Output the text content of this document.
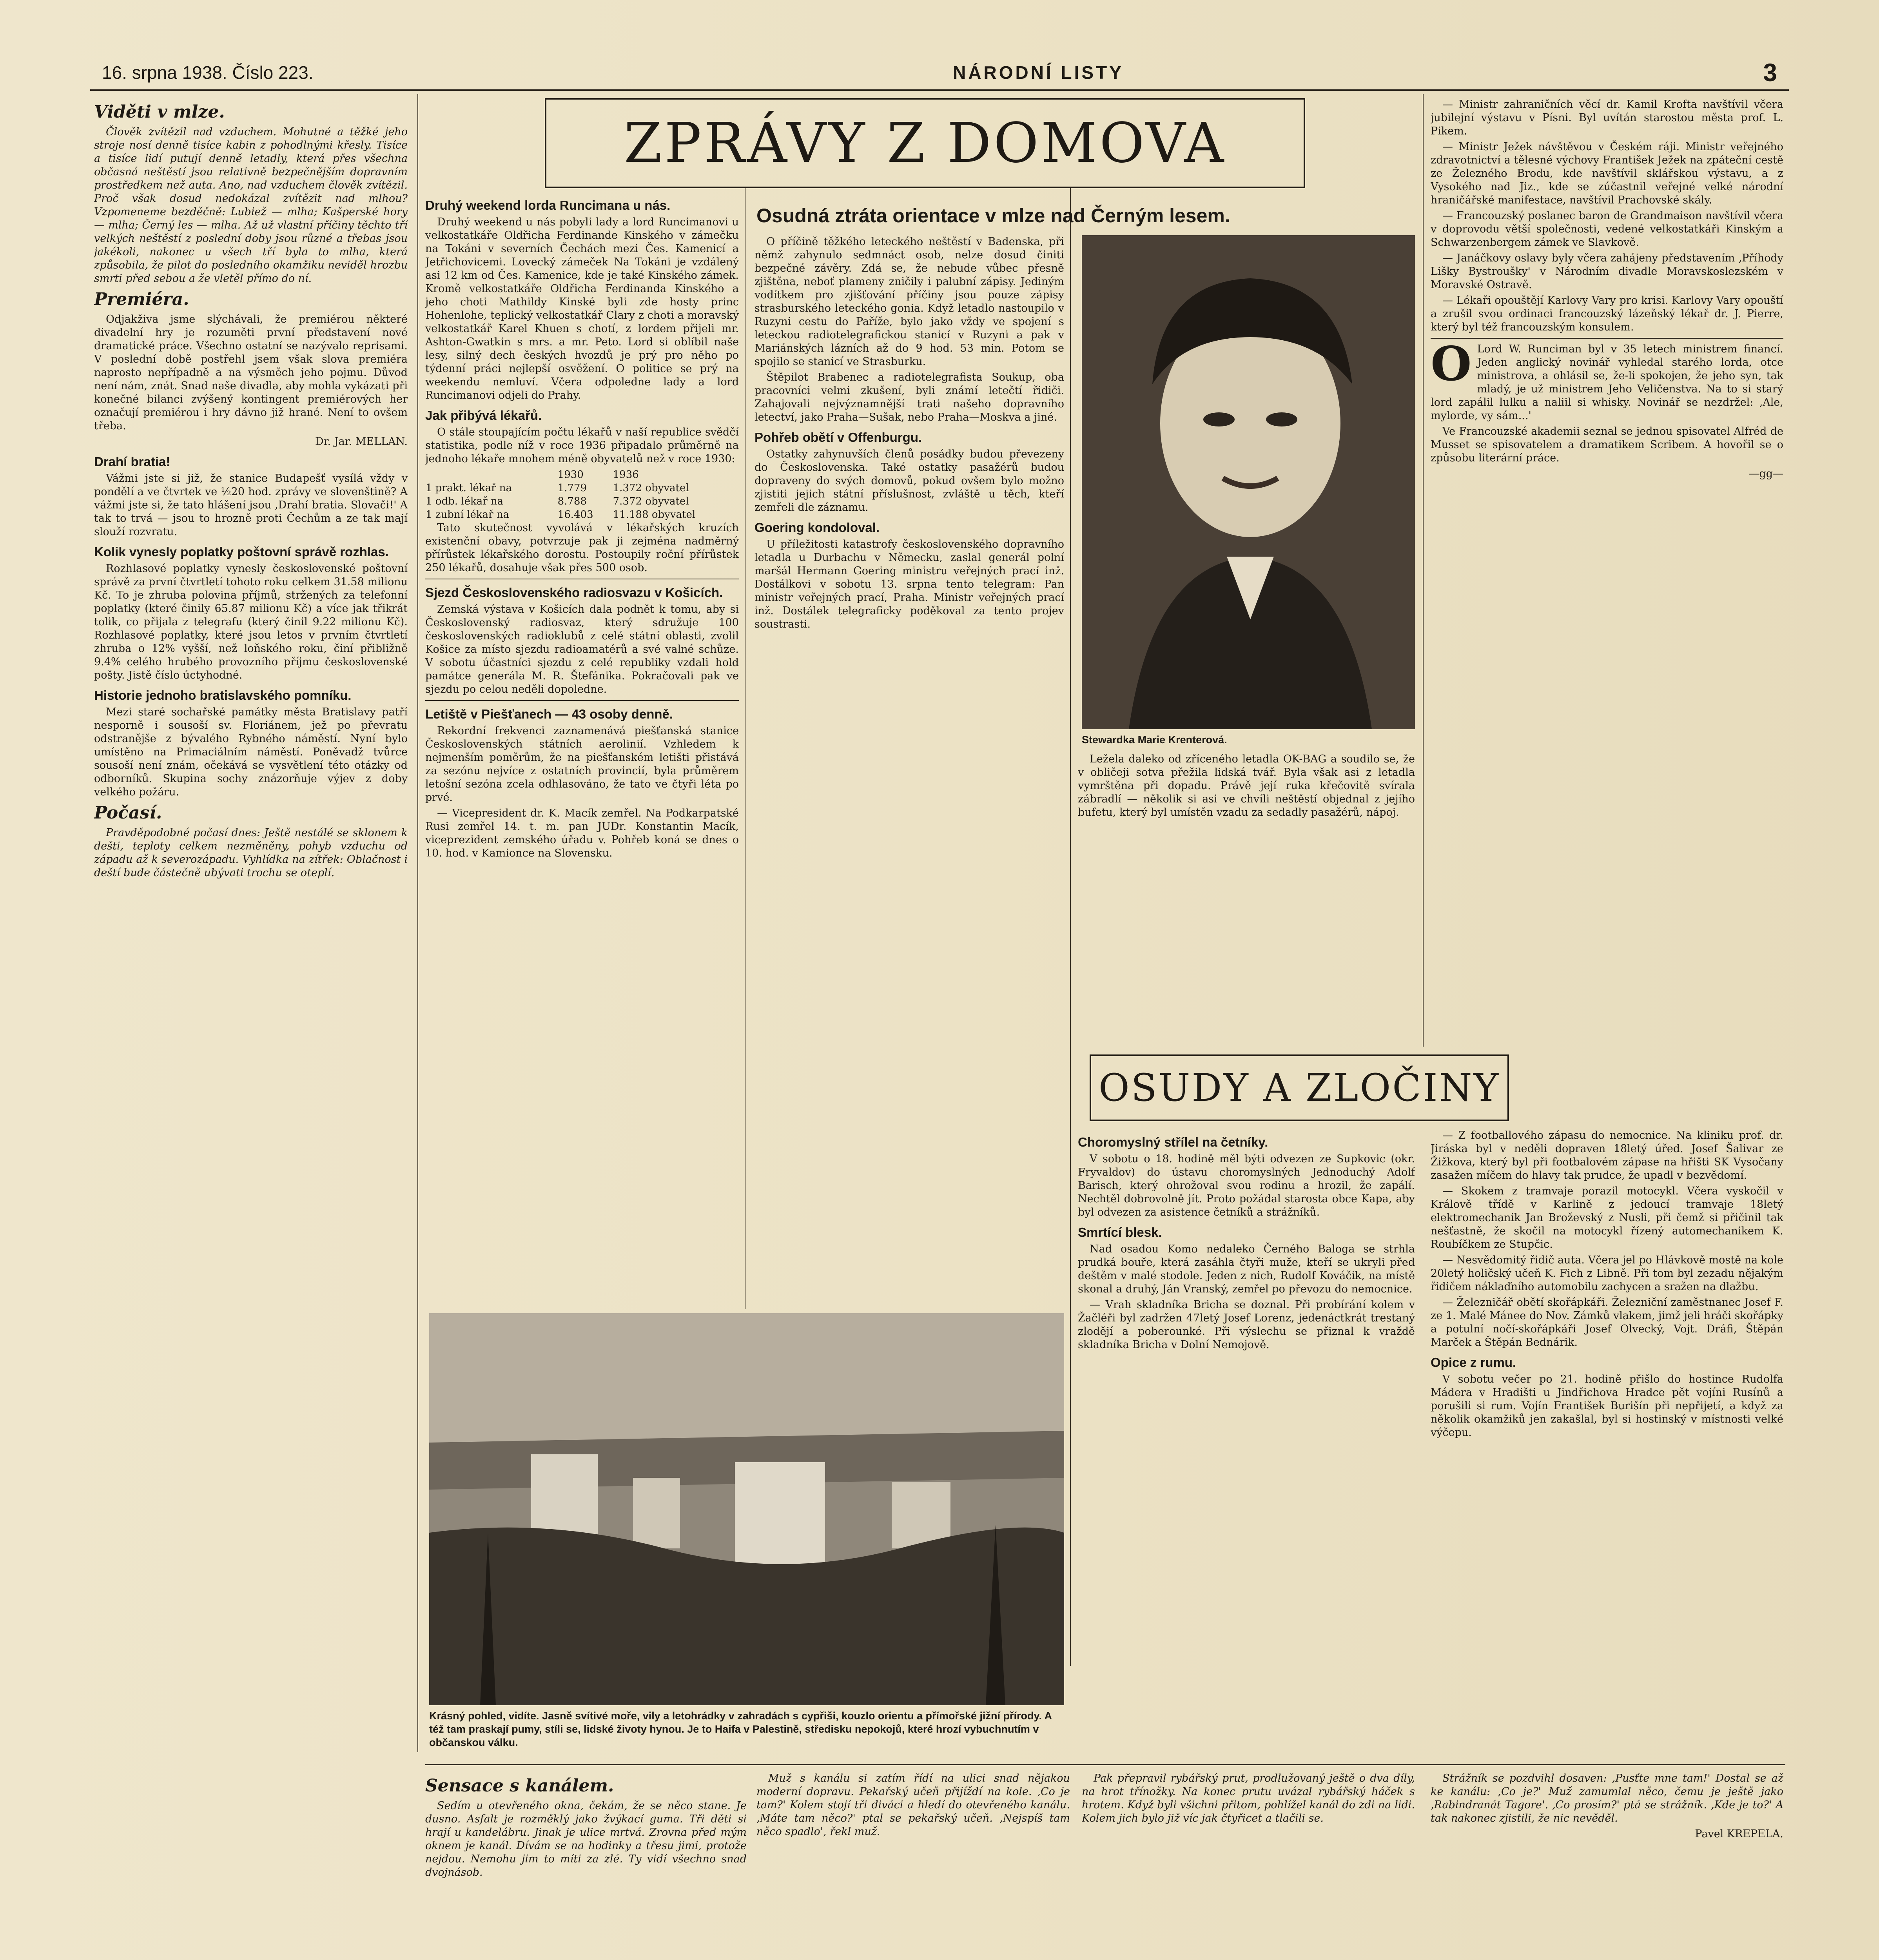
16. srpna 1938. Číslo 223.	NÁRODNÍ LISTY	3
ZPRÁVY Z DOMOVA
Viděti v mlze.

Člověk zvítězil nad vzduchem. Mohutné a těžké jeho stroje nosí denně tisíce kabin z pohodlnými křesly. Tisíce a tisíce lidí putují denně letadly, která přes všechna občasná neštěstí jsou relativně bezpečnějším dopravním prostředkem než auta. Ano, nad vzduchem člověk zvítězil. Proč však dosud nedokázal zvítězit nad mlhou? Vzpomeneme bezděčně: Lubiež — mlha; Kašperské hory — mlha; Černý les — mlha. Až už vlastní příčiny těchto tří velkých neštěstí z poslední doby jsou různé a třebas jsou jakékoli, nakonec u všech tří byla to mlha, která způsobila, že pilot do posledního okamžiku neviděl hrozbu smrti před sebou a že vletěl přímo do ní.

Premiéra.

Odjakživa jsme slýchávali, že premiérou některé divadelní hry je rozuměti první představení nové dramatické práce. Všechno ostatní se nazývalo reprisami. V poslední době postřehl jsem však slova premiéra naprosto nepřípadně a na výsměch jeho pojmu. Důvod není nám, znát. Snad naše divadla, aby mohla vykázati při konečné bilanci zvýšený kontingent premiérových her označují premiérou i hry dávno již hrané. Není to ovšem třeba.

Dr. Jar. MELLAN.

Drahí bratia!

Vážmi jste si již, že stanice Budapešť vysílá vždy v pondělí a ve čtvrtek ve ½20 hod. zprávy ve slovenštině? A vážmi jste si, že tato hlášení jsou ‚Drahí bratia. Slovači!' A tak to trvá — jsou to hrozně proti Čechům a ze tak mají slouží rozvratu.

Kolik vynesly poplatky poštovní správě rozhlas.

Rozhlasové poplatky vynesly československé poštovní správě za první čtvrtletí tohoto roku celkem 31.58 milionu Kč. To je zhruba polovina příjmů, stržených za telefonní poplatky (které činily 65.87 milionu Kč) a více jak třikrát tolik, co přijala z telegrafu (který činil 9.22 milionu Kč). Rozhlasové poplatky, které jsou letos v prvním čtvrtletí zhruba o 12% vyšší, než loňského roku, činí přibližně 9.4% celého hrubého provozního příjmu československé pošty. Jistě číslo úctyhodné.

Historie jednoho bratislavského pomníku.

Mezi staré sochařské památky města Bratislavy patří nesporně i sousoší sv. Floriánem, jež po převratu odstranějše z bývalého Rybného náměstí. Nyní bylo umístěno na Primaciálním náměstí. Poněvadž tvůrce sousoší není znám, očekává se vysvětlení této otázky od odborníků. Skupina sochy znázorňuje výjev z doby velkého požáru.

Počasí.

Pravděpodobné počasí dnes: Ještě nestálé se sklonem k dešti, teploty celkem nezměněny, pohyb vzduchu od západu až k severozápadu. Vyhlídka na zítřek: Oblačnost i deští bude částečně ubývati trochu se oteplí.

Druhý weekend lorda Runcimana u nás.

Druhý weekend u nás pobyli lady a lord Runcimanovi u velkostatkáře Oldřicha Ferdinande Kinského v zámečku na Tokáni v severních Čechách mezi Čes. Kamenicí a Jetřichovicemi. Lovecký zámeček Na Tokáni je vzdálený asi 12 km od Čes. Kamenice, kde je také Kinského zámek. Kromě velkostatkáře Oldřicha Ferdinanda Kinského a jeho choti Mathildy Kinské byli zde hosty princ Hohenlohe, teplický velkostatkář Clary z choti a moravský velkostatkář Karel Khuen s chotí, z lordem přijeli mr. Ashton-Gwatkin s mrs. a mr. Peto. Lord si oblíbil naše lesy, silný dech českých hvozdů je prý pro něho po týdenní práci nejlepší osvěžení. O politice se prý na weekendu nemluví. Včera odpoledne lady a lord Runcimanovi odjeli do Prahy.

Jak přibývá lékařů.

O stále stoupajícím počtu lékařů v naší republice svědčí statistika, podle níž v roce 1936 připadalo průměrně na jednoho lékaře mnohem méně obyvatelů než v roce 1930:

	1930	1936
1 prakt. lékař na	1.779	1.372 obyvatel
1 odb. lékař na	8.788	7.372 obyvatel
1 zubní lékař na	16.403	11.188 obyvatel

Tato skutečnost vyvolává v lékařských kruzích existenční obavy, potvrzuje pak ji zejména nadměrný přírůstek lékařského dorostu. Postoupily roční přírůstek 250 lékařů, dosahuje však přes 500 osob.

Sjezd Československého radiosvazu v Košicích.

Zemská výstava v Košicích dala podnět k tomu, aby si Československý radiosvaz, který sdružuje 100 československých radioklubů z celé státní oblasti, zvolil Košice za místo sjezdu radioamatérů a své valné schůze. V sobotu účastníci sjezdu z celé republiky vzdali hold památce generála M. R. Štefánika. Pokračovali pak ve sjezdu po celou neděli dopoledne.

Letiště v Piešťanech — 43 osoby denně.

Rekordní frekvenci zaznamenává piešťanská stanice Československých státních aerolinií. Vzhledem k nejmenším poměrům, že na piešťanském letišti přistává za sezónu nejvíce z ostatních provincií, byla průměrem letošní sezóna zcela odhlasováno, že tato ve čtyři léta po prvé.

— Vicepresident dr. K. Macík zemřel. Na Podkarpatské Rusi zemřel 14. t. m. pan JUDr. Konstantin Macík, viceprezident zemského úřadu v. Pohřeb koná se dnes o 10. hod. v Kamionce na Slovensku.

Osudná ztráta orientace v mlze nad Černým lesem.

O příčině těžkého leteckého neštěstí v Badenska, při němž zahynulo sedmnáct osob, nelze dosud činiti bezpečné závěry. Zdá se, že nebude vůbec přesně zjištěna, neboť plameny zničily i palubní zápisy. Jediným vodítkem pro zjišťování příčiny jsou pouze zápisy strasburského leteckého gonia. Když letadlo nastoupilo v Ruzyni cestu do Paříže, bylo jako vždy ve spojení s leteckou radiotelegrafickou stanicí v Ruzyni a pak v Mariánských lázních až do 9 hod. 53 min. Potom se spojilo se stanicí ve Strasburku.

Štěpilot Brabenec a radiotelegrafista Soukup, oba pracovníci velmi zkušení, byli známí letečtí řidiči. Zahajovali nejvýznamnější trati našeho dopravního letectví, jako Praha—Sušak, nebo Praha—Moskva a jiné.

Pohřeb obětí v Offenburgu.

Ostatky zahynuvších členů posádky budou převezeny do Československa. Také ostatky pasažérů budou dopraveny do svých domovů, pokud ovšem bylo možno zjistiti jejich státní příslušnost, zvláště u těch, kteří zemřeli dle záznamu.

Goering kondoloval.

U příležitosti katastrofy československého dopravního letadla u Durbachu v Německu, zaslal generál polní maršál Hermann Goering ministru veřejných prací inž. Dostálkovi v sobotu 13. srpna tento telegram: Pan ministr veřejných prací, Praha. Ministr veřejných prací inž. Dostálek telegraficky poděkoval za tento projev soustrasti.

Stewardka Marie Krenterová.

Ležela daleko od zříceného letadla OK-BAG a soudilo se, že v obličeji sotva přežila lidská tvář. Byla však asi z letadla vymrštěna při dopadu. Právě její ruka křečovitě svírala zábradlí — několik si asi ve chvíli neštěstí objednal z jejího bufetu, který byl umístěn vzadu za sedadly pasažérů, nápoj.

— Ministr zahraničních věcí dr. Kamil Krofta navštívil včera jubilejní výstavu v Písni. Byl uvítán starostou města prof. L. Pikem.

— Ministr Ježek návštěvou v Českém ráji. Ministr veřejného zdravotnictví a tělesné výchovy František Ježek na zpáteční cestě ze Železného Brodu, kde navštívil sklářskou výstavu, a z Vysokého nad Jiz., kde se zúčastnil veřejné velké národní hraničářské manifestace, navštívil Prachovské skály.

— Francouzský poslanec baron de Grandmaison navštívil včera v doprovodu větší společnosti, vedené velkostatkáři Kinským a Schwarzenbergem zámek ve Slavkově.

— Janáčkovy oslavy byly včera zahájeny představením ‚Příhody Lišky Bystroušky' v Národním divadle Moravskoslezském v Moravské Ostravě.

— Lékaři opouštějí Karlovy Vary pro krisi. Karlovy Vary opouští a zrušil svou ordinaci francouzský lázeňský lékař dr. J. Pierre, který byl též francouzským konsulem.

O Lord W. Runciman byl v 35 letech ministrem financí. Jeden anglický novinář vyhledal starého lorda, otce ministrova, a ohlásil se, že-li spokojen, že jeho syn, tak mladý, je už ministrem Jeho Veličenstva. Na to si starý lord zapálil lulku a naliil si whisky. Novinář se nezdržel: ‚Ale, mylorde, vy sám...'

Ve Francouzské akademii seznal se jednou spisovatel Alfréd de Musset se spisovatelem a dramatikem Scribem. A hovořil se o způsobu literární práce.

—gg—

OSUDY A ZLOČINY
Choromyslný střílel na četníky.

V sobotu o 18. hodině měl býti odvezen ze Supkovic (okr. Fryvaldov) do ústavu choromyslných Jednoduchý Adolf Barisch, který ohrožoval svou rodinu a hrozil, že zapálí. Nechtěl dobrovolně jít. Proto požádal starosta obce Kapa, aby byl odvezen za asistence četníků a strážníků.

Smrtící blesk.

Nad osadou Komo nedaleko Černého Baloga se strhla prudká bouře, která zasáhla čtyři muže, kteří se ukryli před deštěm v malé stodole. Jeden z nich, Rudolf Kováčik, na místě skonal a druhý, Ján Vranský, zemřel po převozu do nemocnice.

— Vrah skladníka Bricha se doznal. Při probírání kolem v Žačléři byl zadržen 47letý Josef Lorenz, jedenáctkrát trestaný zlodějí a poberounké. Při výslechu se přiznal k vraždě skladníka Bricha v Dolní Nemojově.

— Z footballového zápasu do nemocnice. Na kliniku prof. dr. Jiráska byl v neděli dopraven 18letý úřed. Josef Šalivar ze Žižkova, který byl při footbalovém zápase na hřišti SK Vysočany zasažen míčem do hlavy tak prudce, že upadl v bezvědomí.

— Skokem z tramvaje porazil motocykl. Včera vyskočil v Králově třídě v Karlině z jedoucí tramvaje 18letý elektromechanik Jan Broževský z Nusli, při čemž si přičinil tak nešťastně, že skočil na motocykl řízený automechanikem K. Roubíčkem ze Stupčic.

— Nesvědomitý řidič auta. Včera jel po Hlávkově mostě na kole 20letý holičský učeň K. Fich z Libně. Při tom byl zezadu nějakým řidičem náklaďního automobilu zachycen a sražen na dlažbu.

— Železničář obětí skořápkáři. Železniční zaměstnanec Josef F. ze 1. Malé Mánee do Nov. Zámků vlakem, jimž jeli hráči skořápky a potulní nočí-skořápkáři Josef Olvecký, Vojt. Dráfi, Štěpán Marček a Štěpán Bednárik.

Opice z rumu.

V sobotu večer po 21. hodině přišlo do hostince Rudolfa Mádera v Hradišti u Jindřichova Hradce pět vojíni Rusínů a porušili si rum. Vojín František Burišín při nepřijetí, a když za několik okamžiků jen zakašlal, byl si hostinský v místnosti velké výčepu.

Krásný pohled, vidíte. Jasně svítivé moře, vily a letohrádky v zahradách s cypřiši, kouzlo orientu a přímořské jižní přírody. A též tam praskají pumy, stíli se, lidské životy hynou. Je to Haifa v Palestině, středisku nepokojů, které hrozí vybuchnutím v občanskou válku.
Sensace s kanálem.

Sedím u otevřeného okna, čekám, že se něco stane. Je dusno. Asfalt je rozměklý jako žvýkací guma. Tři děti si hrají u kandelábru. Jinak je ulice mrtvá. Zrovna před mým oknem je kanál. Dívám se na hodinky a třesu jimi, protože nejdou. Nemohu jim to míti za zlé. Ty vidí všechno snad dvojnásob.

Muž s kanálu si zatím řídí na ulici snad nějakou moderní dopravu. Pekařský učeň přijíždí na kole. ‚Co je tam?' Kolem stojí tři diváci a hledí do otevřeného kanálu. ‚Máte tam něco?' ptal se pekařský učeň. ‚Nejspíš tam něco spadlo', řekl muž.

Pak přepravil rybářský prut, prodlužovaný ještě o dva díly, na hrot třínožky. Na konec prutu uvázal rybářský háček s hrotem. Když byli všichni přitom, pohlížel kanál do zdi na lidi. Kolem jich bylo již víc jak čtyřicet a tlačili se.

Strážník se pozdvihl dosaven: ‚Pusťte mne tam!' Dostal se až ke kanálu: ‚Co je?' Muž zamumlal něco, čemu je ještě jako ‚Rabindranát Tagore'. ‚Co prosím?' ptá se strážník. ‚Kde je to?' A tak nakonec zjistili, že nic nevěděl.

Pavel KREPELA.
